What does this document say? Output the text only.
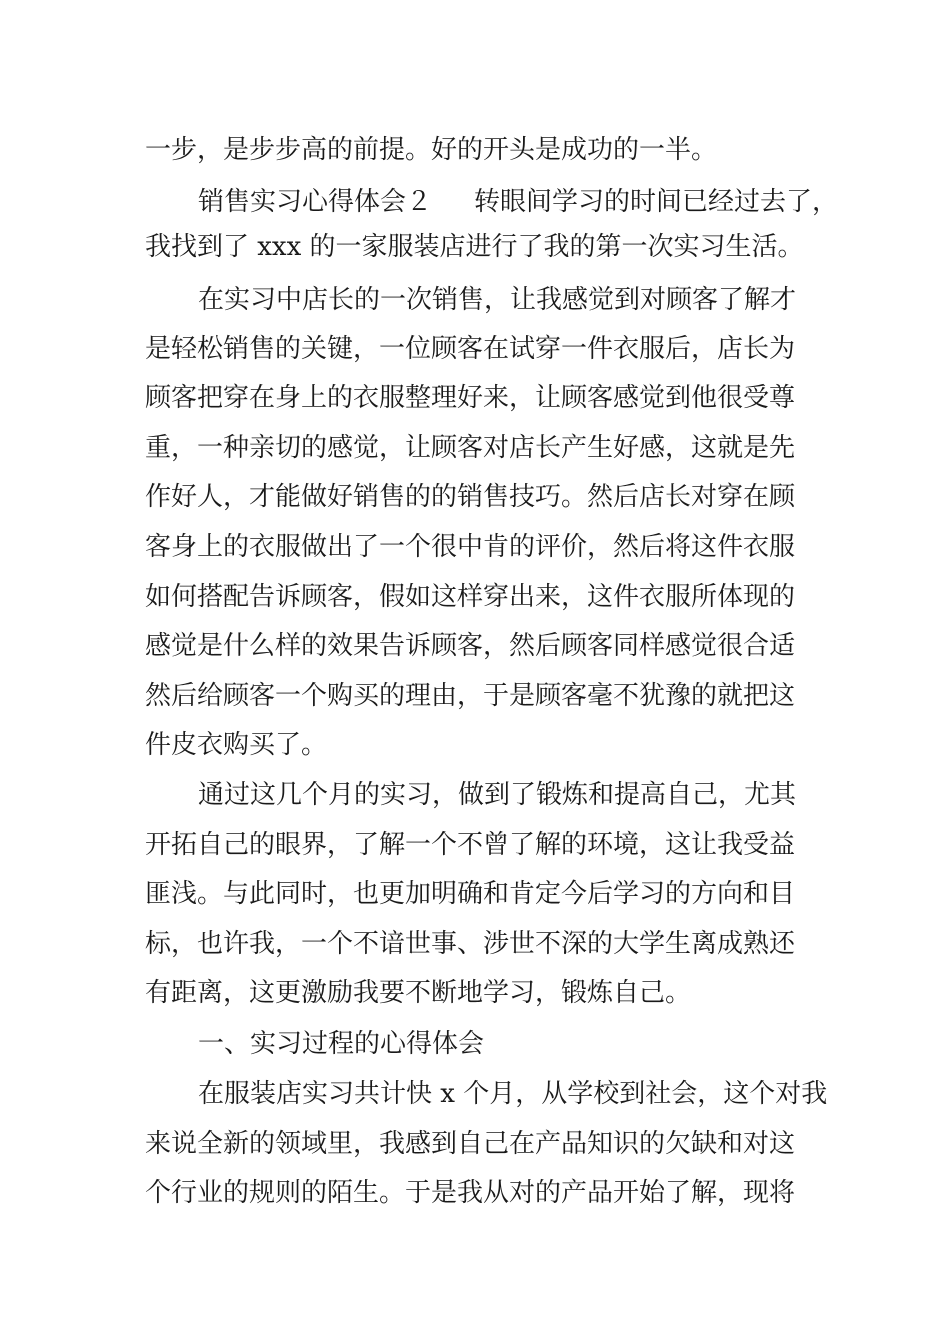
一步，是步步高的前提。好的开头是成功的一半。
销售实习心得体会２ 转眼间学习的时间已经过去了，
我找到了 xxx 的一家服装店进行了我的第一次实习生活。
在实习中店长的一次销售，让我感觉到对顾客了解才
是轻松销售的关键，一位顾客在试穿一件衣服后，店长为
顾客把穿在身上的衣服整理好来，让顾客感觉到他很受尊
重，一种亲切的感觉，让顾客对店长产生好感，这就是先
作好人，才能做好销售的的销售技巧。然后店长对穿在顾
客身上的衣服做出了一个很中肯的评价，然后将这件衣服
如何搭配告诉顾客，假如这样穿出来，这件衣服所体现的
感觉是什么样的效果告诉顾客，然后顾客同样感觉很合适
然后给顾客一个购买的理由，于是顾客毫不犹豫的就把这
件皮衣购买了。
通过这几个月的实习，做到了锻炼和提高自己，尤其
开拓自己的眼界，了解一个不曾了解的环境，这让我受益
匪浅。与此同时，也更加明确和肯定今后学习的方向和目
标，也许我，一个不谙世事、涉世不深的大学生离成熟还
有距离，这更激励我要不断地学习，锻炼自己。
一、实习过程的心得体会
在服装店实习共计快 x 个月，从学校到社会，这个对我
来说全新的领域里，我感到自己在产品知识的欠缺和对这
个行业的规则的陌生。于是我从对的产品开始了解，现将
